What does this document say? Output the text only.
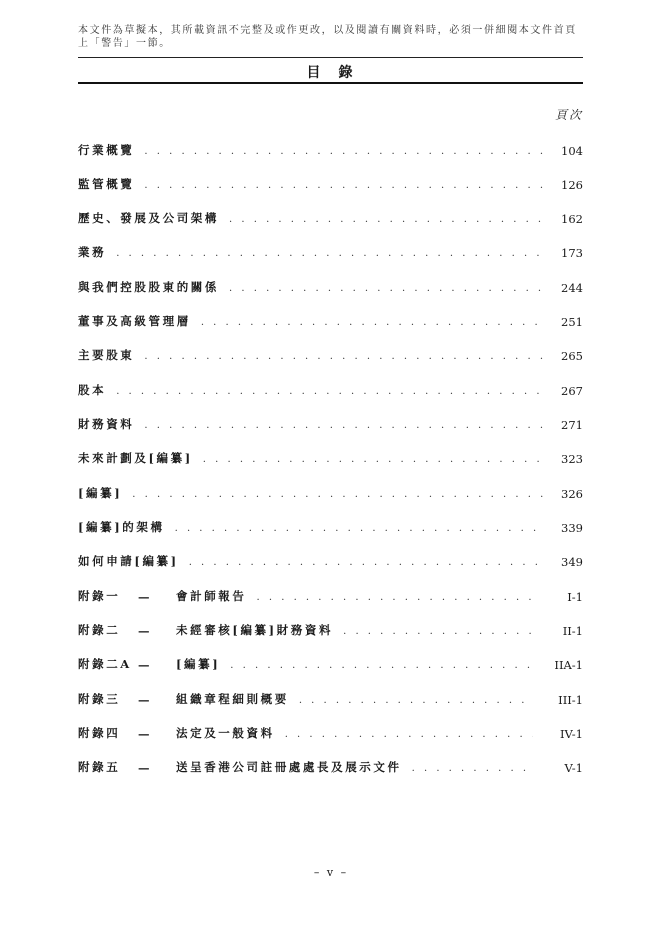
本文件為草擬本，其所載資訊不完整及或作更改，以及閱讀有關資料時，必須一併細閱本文件首頁上「警告」一節。
目　錄
頁次
行業概覽 . . .	104
監管概覽 . . .	126
歷史、發展及公司架構 . . .	162
業務 . . .	173
與我們控股股東的關係 . . .	244
董事及高級管理層 . . .	251
主要股東 . . .	265
股本 . . .	267
財務資料 . . .	271
未來計劃及[編纂] . . .	323
[編纂] . . .	326
[編纂]的架構 . . .	339
如何申請[編纂] . . .	349
附錄一	—	會計師報告 . . .	I-1
附錄二	—	未經審核[編纂]財務資料 . . .	II-1
附錄二A —	[編纂] . . .	IIA-1
附錄三	—	組織章程細則概要 . . .	III-1
附錄四	—	法定及一般資料 . . .	IV-1
附錄五	—	送呈香港公司註冊處處長及展示文件 . . .	V-1
– v –
